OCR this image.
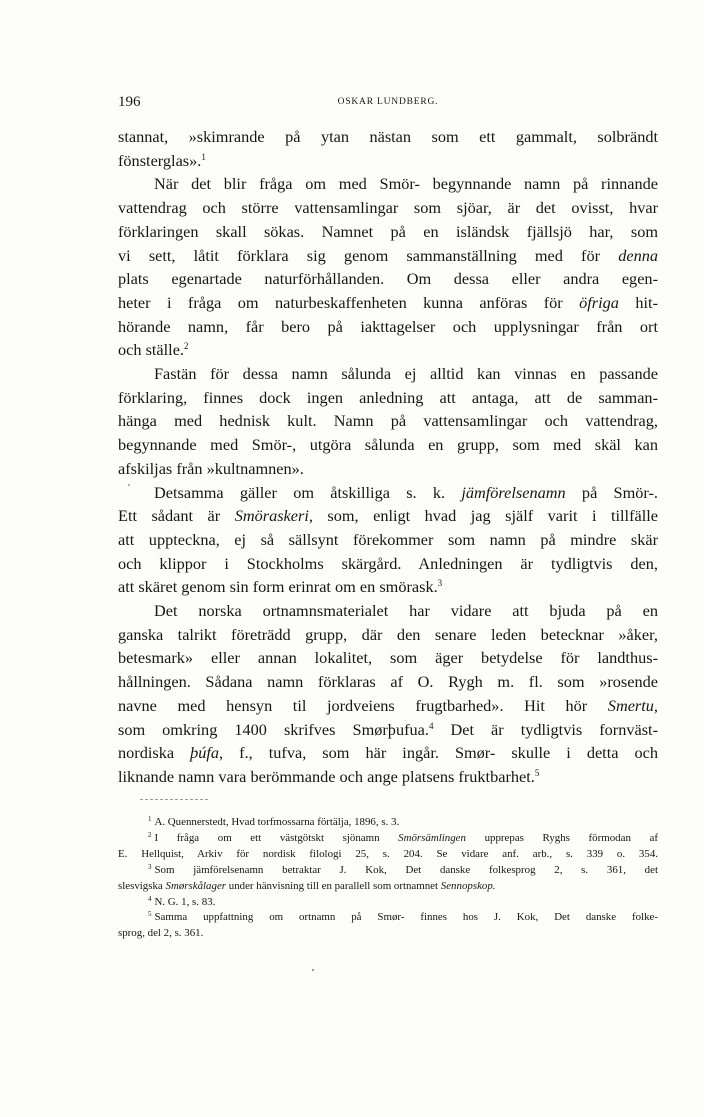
196	OSKAR LUNDBERG.

stannat, »skimrande på ytan nästan som ett gammalt, solbrändt
fönsterglas».$^1$

När det blir fråga om med Smör- begynnande namn på rinnande
vattendrag och större vattensamlingar som sjöar, är det ovisst, hvar
förklaringen skall sökas. Namnet på en isländsk fjällsjö har, som
vi sett, låtit förklara sig genom sammanställning med för denna
plats egenartade naturförhållanden. Om dessa eller andra egen-
heter i fråga om naturbeskaffenheten kunna anföras för öfriga hit-
hörande namn, får bero på iakttagelser och upplysningar från ort
och ställe.$^2$

Fastän för dessa namn sålunda ej alltid kan vinnas en passande
förklaring, finnes dock ingen anledning att antaga, att de samman-
hänga med hednisk kult. Namn på vattensamlingar och vattendrag,
begynnande med Smör-, utgöra sålunda en grupp, som med skäl kan
afskiljas från »kultnamnen».

Detsamma gäller om åtskilliga s. k. jämförelsenamn på Smör-.
Ett sådant är Smöraskeri, som, enligt hvad jag själf varit i tillfälle
att uppteckna, ej så sällsynt förekommer som namn på mindre skär
och klippor i Stockholms skärgård. Anledningen är tydligtvis den,
att skäret genom sin form erinrat om en smörask.$^3$

Det norska ortnamnsmaterialet har vidare att bjuda på en
ganska talrikt företrädd grupp, där den senare leden betecknar »åker,
betesmark» eller annan lokalitet, som äger betydelse för landthus-
hållningen. Sådana namn förklaras af O. Rygh m. fl. som »rosende
navne med hensyn til jordveiens frugtbarhed». Hit hör Smertu,
som omkring 1400 skrifves Smørþufua.$^4$ Det är tydligtvis fornväst-
nordiska þúfa, f., tufva, som här ingår. Smør- skulle i detta och
liknande namn vara berömmande och ange platsens fruktbarhet.$^5$

$^1$ A. Quennerstedt, Hvad torfmossarna förtälja, 1896, s. 3.
$^2$ I fråga om ett västgötskt sjönamn Smörsämlingen upprepas Ryghs förmodan af
E. Hellquist, Arkiv för nordisk filologi 25, s. 204. Se vidare anf. arb., s. 339 o. 354.
$^3$ Som jämförelsenamn betraktar J. Kok, Det danske folkesprog 2, s. 361, det
slesvigska Smørskålager under hänvisning till en parallell som ortnamnet Sennopskop.
$^4$ N. G. 1, s. 83.
$^5$ Samma uppfattning om ortnamn på Smør- finnes hos J. Kok, Det danske folke-
sprog, del 2, s. 361.
